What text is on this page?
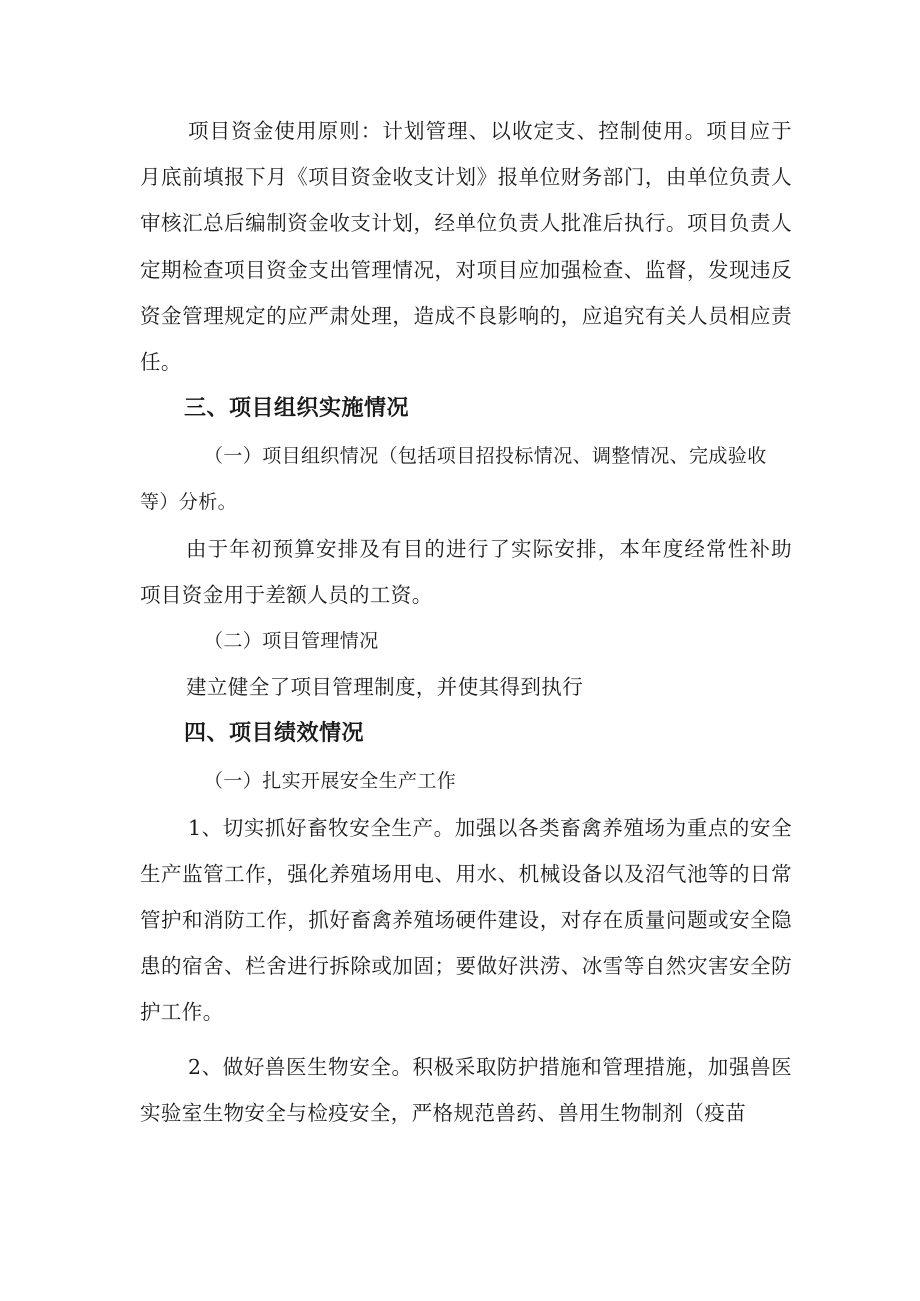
项目资金使用原则：计划管理、以收定支、控制使用。项目应于月底前填报下月《项目资金收支计划》报单位财务部门，由单位负责人审核汇总后编制资金收支计划，经单位负责人批准后执行。项目负责人定期检查项目资金支出管理情况，对项目应加强检查、监督，发现违反资金管理规定的应严肃处理，造成不良影响的，应追究有关人员相应责任。

三、项目组织实施情况

（一）项目组织情况（包括项目招投标情况、调整情况、完成验收等）分析。

由于年初预算安排及有目的进行了实际安排，本年度经常性补助项目资金用于差额人员的工资。

（二）项目管理情况

建立健全了项目管理制度，并使其得到执行

四、项目绩效情况

（一）扎实开展安全生产工作

1、切实抓好畜牧安全生产。加强以各类畜禽养殖场为重点的安全生产监管工作，强化养殖场用电、用水、机械设备以及沼气池等的日常管护和消防工作，抓好畜禽养殖场硬件建设，对存在质量问题或安全隐患的宿舍、栏舍进行拆除或加固；要做好洪涝、冰雪等自然灾害安全防护工作。

2、做好兽医生物安全。积极采取防护措施和管理措施，加强兽医实验室生物安全与检疫安全，严格规范兽药、兽用生物制剂（疫苗
